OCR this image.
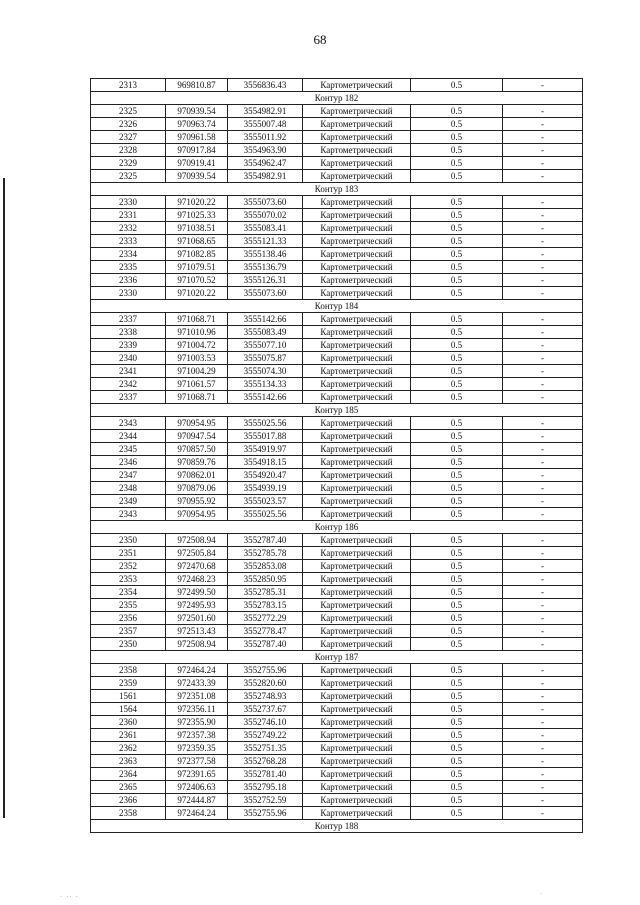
68
· ·· ·	·
2313	969810.87	3556836.43	Картометрический	0.5	-
Контур 182					
2325	970939.54	3554982.91	Картометрический	0.5	-
2326	970963.74	3555007.48	Картометрический	0.5	-
2327	970961.58	3555011.92	Картометрический	0.5	-
2328	970917.84	3554963.90	Картометрический	0.5	-
2329	970919.41	3554962.47	Картометрический	0.5	-
2325	970939.54	3554982.91	Картометрический	0.5	-
Контур 183					
2330	971020.22	3555073.60	Картометрический	0.5	-
2331	971025.33	3555070.02	Картометрический	0.5	-
2332	971038.51	3555083.41	Картометрический	0.5	-
2333	971068.65	3555121.33	Картометрический	0.5	-
2334	971082.85	3555138.46	Картометрический	0.5	-
2335	971079.51	3555136.79	Картометрический	0.5	-
2336	971070.52	3555126.31	Картометрический	0.5	-
2330	971020.22	3555073.60	Картометрический	0.5	-
Контур 184					
2337	971068.71	3555142.66	Картометрический	0.5	-
2338	971010.96	3555083.49	Картометрический	0.5	-
2339	971004.72	3555077.10	Картометрический	0.5	-
2340	971003.53	3555075.87	Картометрический	0.5	-
2341	971004.29	3555074.30	Картометрический	0.5	-
2342	971061.57	3555134.33	Картометрический	0.5	-
2337	971068.71	3555142.66	Картометрический	0.5	-
Контур 185					
2343	970954.95	3555025.56	Картометрический	0.5	-
2344	970947.54	3555017.88	Картометрический	0.5	-
2345	970857.50	3554919.97	Картометрический	0.5	-
2346	970859.76	3554918.15	Картометрический	0.5	-
2347	970862.01	3554920.47	Картометрический	0.5	-
2348	970879.06	3554939.19	Картометрический	0.5	-
2349	970955.92	3555023.57	Картометрический	0.5	-
2343	970954.95	3555025.56	Картометрический	0.5	-
Контур 186					
2350	972508.94	3552787.40	Картометрический	0.5	-
2351	972505.84	3552785.78	Картометрический	0.5	-
2352	972470.68	3552853.08	Картометрический	0.5	-
2353	972468.23	3552850.95	Картометрический	0.5	-
2354	972499.50	3552785.31	Картометрический	0.5	-
2355	972495.93	3552783.15	Картометрический	0.5	-
2356	972501.60	3552772.29	Картометрический	0.5	-
2357	972513.43	3552778.47	Картометрический	0.5	-
2350	972508.94	3552787.40	Картометрический	0.5	-
Контур 187					
2358	972464.24	3552755.96	Картометрический	0.5	-
2359	972433.39	3552820.60	Картометрический	0.5	-
1561	972351.08	3552748.93	Картометрический	0.5	-
1564	972356.11	3552737.67	Картометрический	0.5	-
2360	972355.90	3552746.10	Картометрический	0.5	-
2361	972357.38	3552749.22	Картометрический	0.5	-
2362	972359.35	3552751.35	Картометрический	0.5	-
2363	972377.58	3552768.28	Картометрический	0.5	-
2364	972391.65	3552781.40	Картометрический	0.5	-
2365	972406.63	3552795.18	Картометрический	0.5	-
2366	972444.87	3552752.59	Картометрический	0.5	-
2358	972464.24	3552755.96	Картометрический	0.5	-
Контур 188					
